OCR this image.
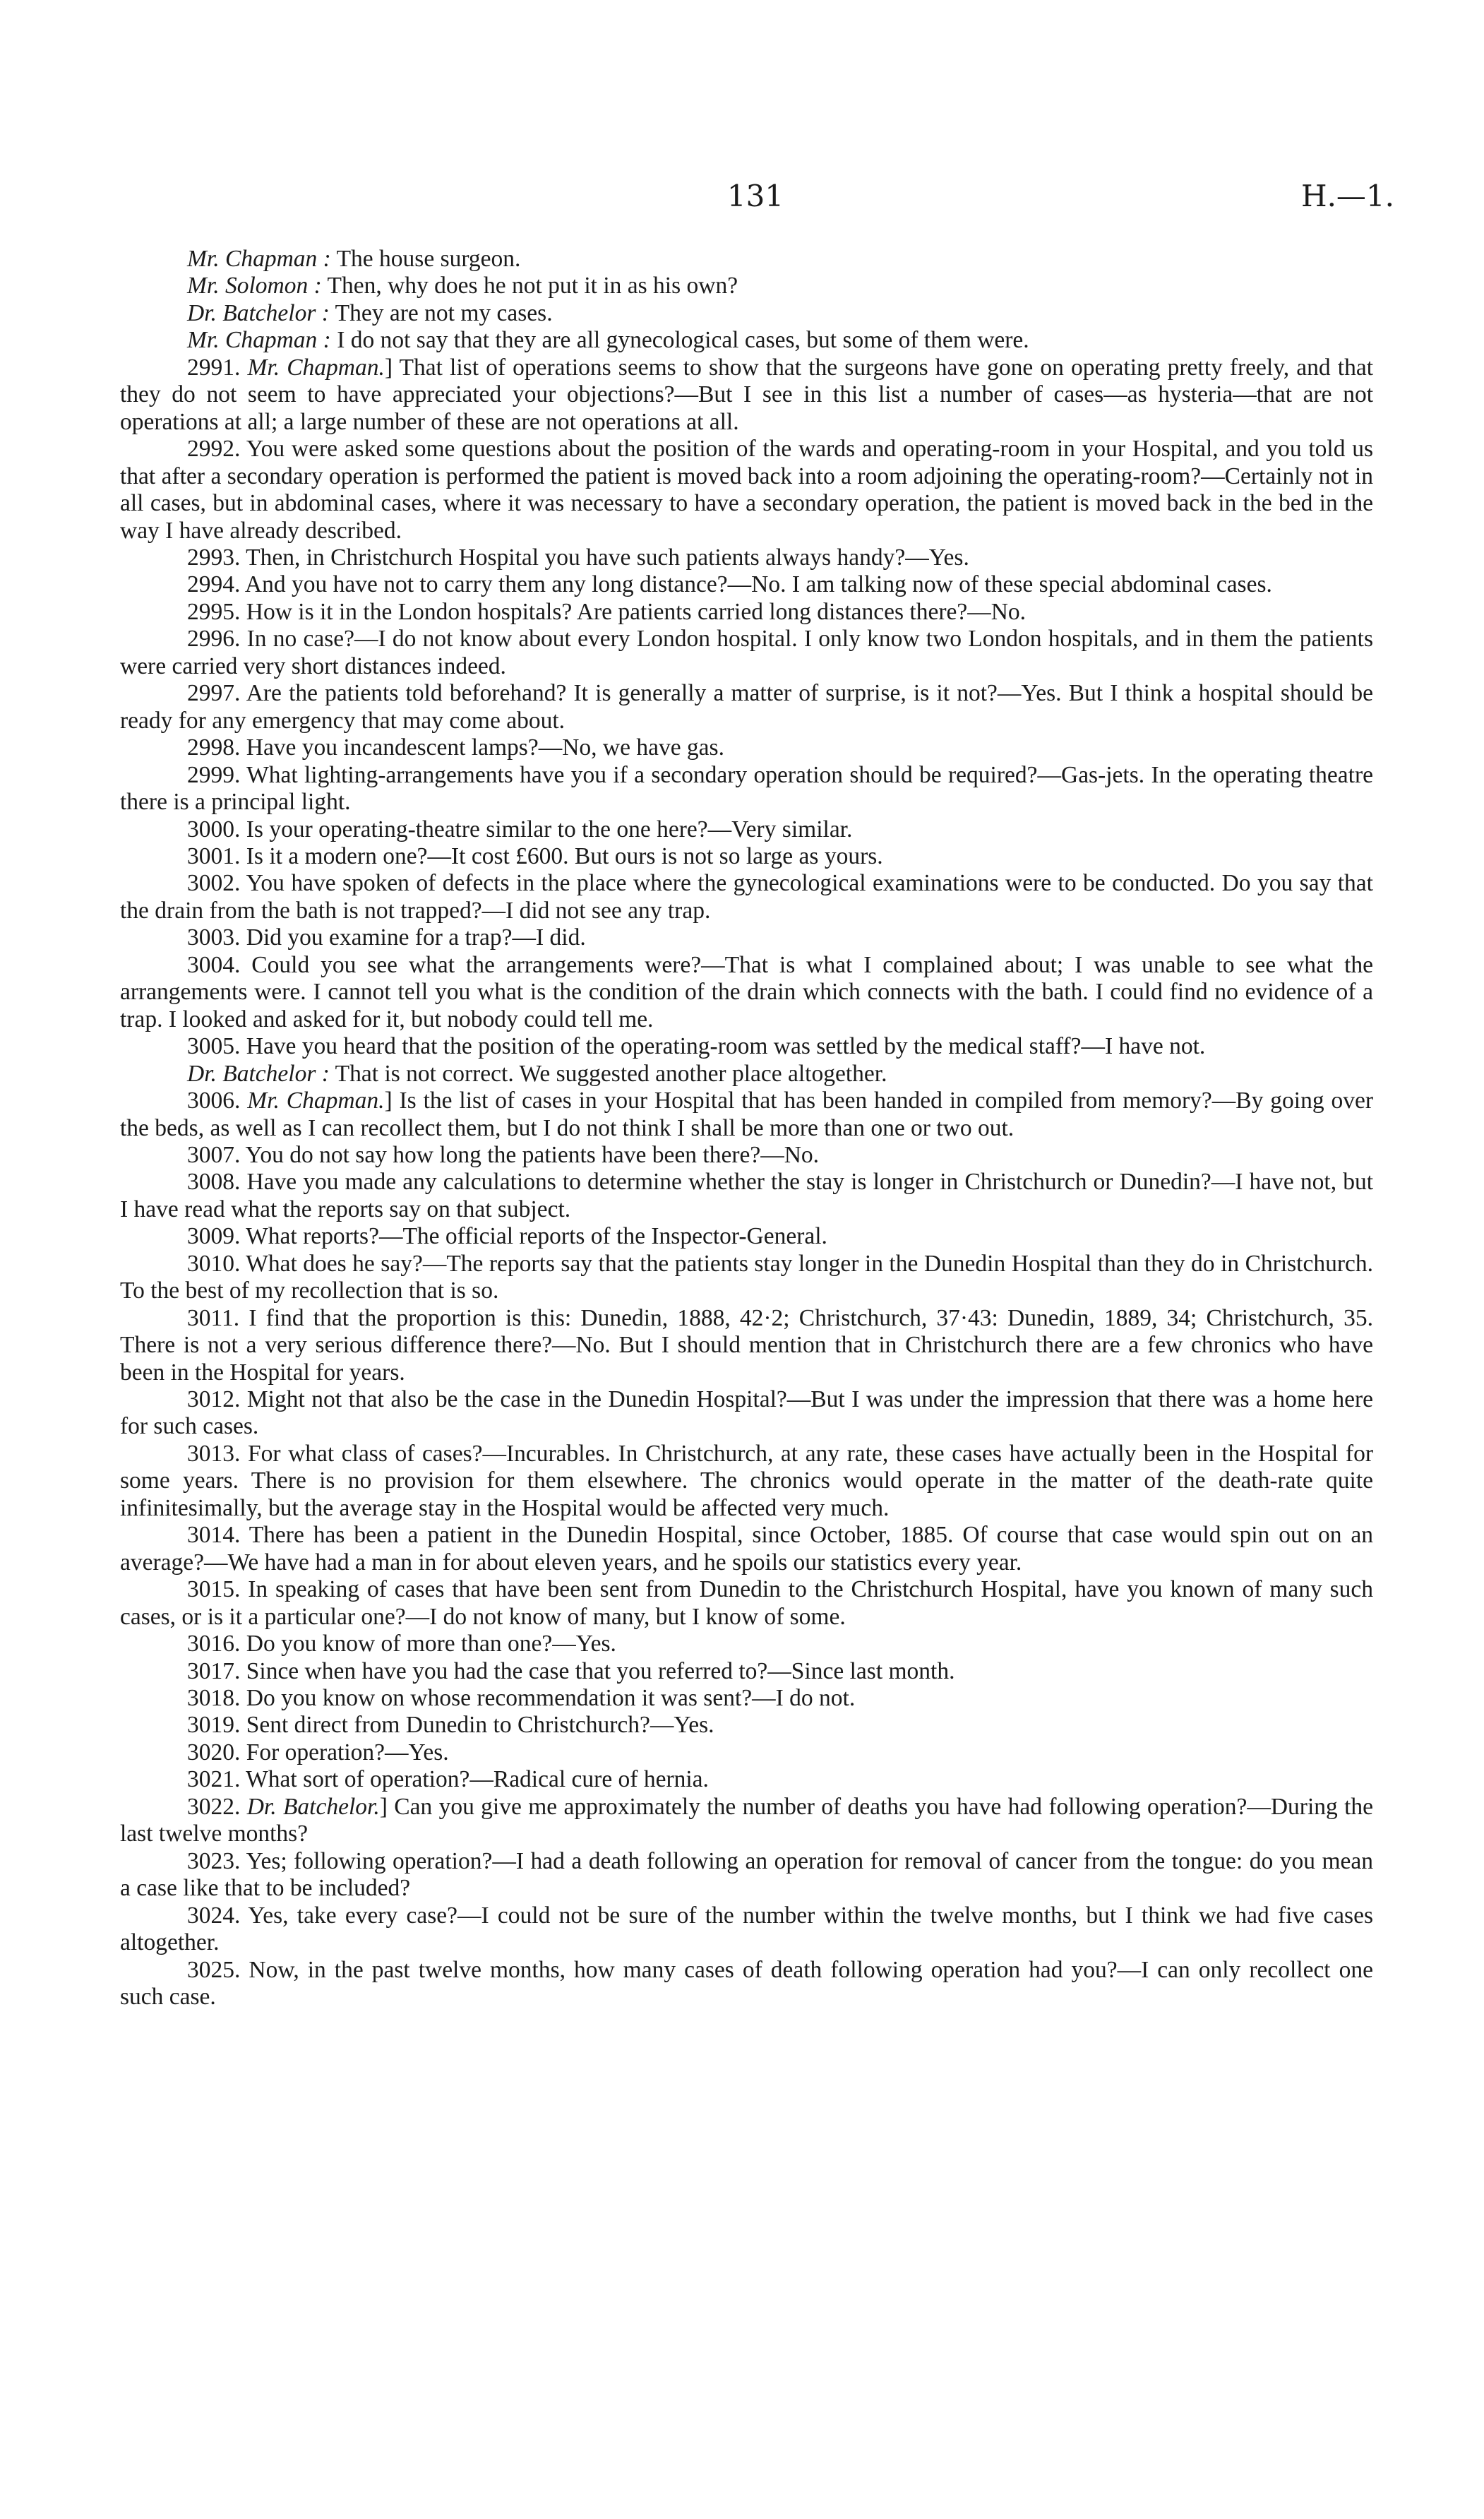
131	H.—1.

Mr. Chapman : The house surgeon.

Mr. Solomon : Then, why does he not put it in as his own?

Dr. Batchelor : They are not my cases.

Mr. Chapman : I do not say that they are all gynecological cases, but some of them were.

2991. Mr. Chapman.] That list of operations seems to show that the surgeons have gone on operating pretty freely, and that they do not seem to have appreciated your objections?—But I see in this list a number of cases—as hysteria—that are not operations at all; a large number of these are not operations at all.

2992. You were asked some questions about the position of the wards and operating-room in your Hospital, and you told us that after a secondary operation is performed the patient is moved back into a room adjoining the operating-room?—Certainly not in all cases, but in abdominal cases, where it was necessary to have a secondary operation, the patient is moved back in the bed in the way I have already described.

2993. Then, in Christchurch Hospital you have such patients always handy?—Yes.

2994. And you have not to carry them any long distance?—No. I am talking now of these special abdominal cases.

2995. How is it in the London hospitals? Are patients carried long distances there?—No.

2996. In no case?—I do not know about every London hospital. I only know two London hospitals, and in them the patients were carried very short distances indeed.

2997. Are the patients told beforehand? It is generally a matter of surprise, is it not?—Yes. But I think a hospital should be ready for any emergency that may come about.

2998. Have you incandescent lamps?—No, we have gas.

2999. What lighting-arrangements have you if a secondary operation should be required?—Gas-jets. In the operating theatre there is a principal light.

3000. Is your operating-theatre similar to the one here?—Very similar.

3001. Is it a modern one?—It cost £600. But ours is not so large as yours.

3002. You have spoken of defects in the place where the gynecological examinations were to be conducted. Do you say that the drain from the bath is not trapped?—I did not see any trap.

3003. Did you examine for a trap?—I did.

3004. Could you see what the arrangements were?—That is what I complained about; I was unable to see what the arrangements were. I cannot tell you what is the condition of the drain which connects with the bath. I could find no evidence of a trap. I looked and asked for it, but nobody could tell me.

3005. Have you heard that the position of the operating-room was settled by the medical staff?—I have not.

Dr. Batchelor : That is not correct. We suggested another place altogether.

3006. Mr. Chapman.] Is the list of cases in your Hospital that has been handed in compiled from memory?—By going over the beds, as well as I can recollect them, but I do not think I shall be more than one or two out.

3007. You do not say how long the patients have been there?—No.

3008. Have you made any calculations to determine whether the stay is longer in Christchurch or Dunedin?—I have not, but I have read what the reports say on that subject.

3009. What reports?—The official reports of the Inspector-General.

3010. What does he say?—The reports say that the patients stay longer in the Dunedin Hospital than they do in Christchurch. To the best of my recollection that is so.

3011. I find that the proportion is this: Dunedin, 1888, 42·2; Christchurch, 37·43: Dunedin, 1889, 34; Christchurch, 35. There is not a very serious difference there?—No. But I should mention that in Christchurch there are a few chronics who have been in the Hospital for years.

3012. Might not that also be the case in the Dunedin Hospital?—But I was under the impression that there was a home here for such cases.

3013. For what class of cases?—Incurables. In Christchurch, at any rate, these cases have actually been in the Hospital for some years. There is no provision for them elsewhere. The chronics would operate in the matter of the death-rate quite infinitesimally, but the average stay in the Hospital would be affected very much.

3014. There has been a patient in the Dunedin Hospital, since October, 1885. Of course that case would spin out on an average?—We have had a man in for about eleven years, and he spoils our statistics every year.

3015. In speaking of cases that have been sent from Dunedin to the Christchurch Hospital, have you known of many such cases, or is it a particular one?—I do not know of many, but I know of some.

3016. Do you know of more than one?—Yes.

3017. Since when have you had the case that you referred to?—Since last month.

3018. Do you know on whose recommendation it was sent?—I do not.

3019. Sent direct from Dunedin to Christchurch?—Yes.

3020. For operation?—Yes.

3021. What sort of operation?—Radical cure of hernia.

3022. Dr. Batchelor.] Can you give me approximately the number of deaths you have had following operation?—During the last twelve months?

3023. Yes; following operation?—I had a death following an operation for removal of cancer from the tongue: do you mean a case like that to be included?

3024. Yes, take every case?—I could not be sure of the number within the twelve months, but I think we had five cases altogether.

3025. Now, in the past twelve months, how many cases of death following operation had you?—I can only recollect one such case.
